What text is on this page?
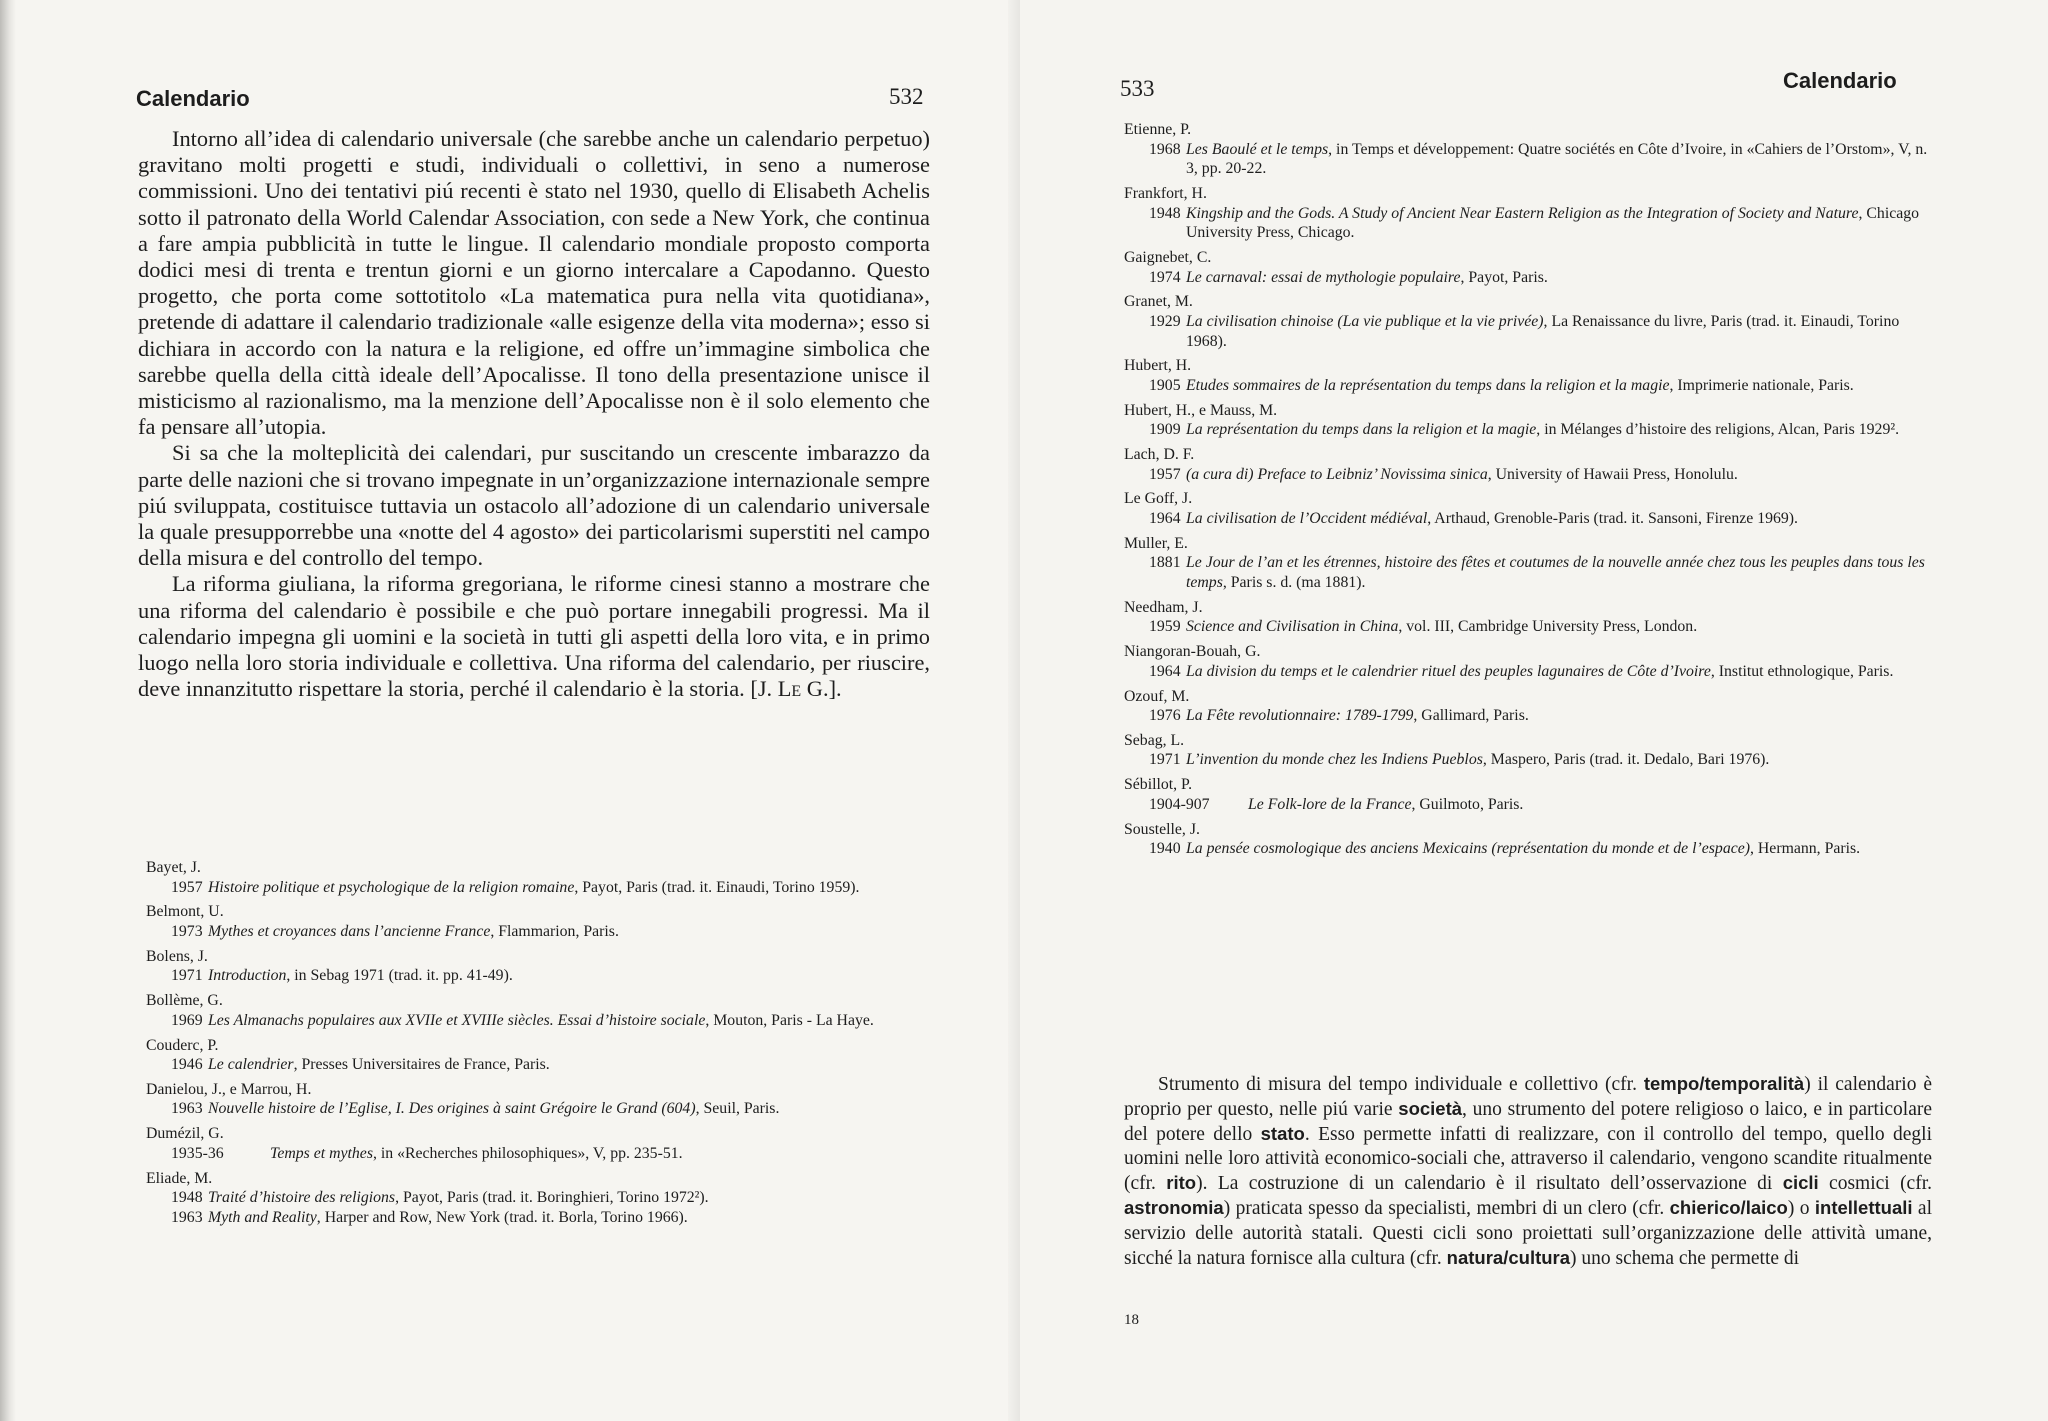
Calendario	532

Intorno all’idea di calendario universale (che sarebbe anche un calendario perpetuo) gravitano molti progetti e studi, individuali o collettivi, in seno a numerose commissioni. Uno dei tentativi piú recenti è stato nel 1930, quello di Elisabeth Achelis sotto il patronato della World Calendar Association, con sede a New York, che continua a fare ampia pubblicità in tutte le lingue. Il calendario mondiale proposto comporta dodici mesi di trenta e trentun giorni e un giorno intercalare a Capodanno. Questo progetto, che porta come sottotitolo «La matematica pura nella vita quotidiana», pretende di adattare il calendario tradizionale «alle esigenze della vita moderna»; esso si dichiara in accordo con la natura e la religione, ed offre un’immagine simbolica che sarebbe quella della città ideale dell’Apocalisse. Il tono della presentazione unisce il misticismo al razionalismo, ma la menzione dell’Apocalisse non è il solo elemento che fa pensare all’utopia.

Si sa che la molteplicità dei calendari, pur suscitando un crescente imbarazzo da parte delle nazioni che si trovano impegnate in un’organizzazione internazionale sempre piú sviluppata, costituisce tuttavia un ostacolo all’adozione di un calendario universale la quale presupporrebbe una «notte del 4 agosto» dei particolarismi superstiti nel campo della misura e del controllo del tempo.

La riforma giuliana, la riforma gregoriana, le riforme cinesi stanno a mostrare che una riforma del calendario è possibile e che può portare innegabili progressi. Ma il calendario impegna gli uomini e la società in tutti gli aspetti della loro vita, e in primo luogo nella loro storia individuale e collettiva. Una riforma del calendario, per riuscire, deve innanzitutto rispettare la storia, perché il calendario è la storia. [J. Le G.].

Bayet, J.
1957 Histoire politique et psychologique de la religion romaine, Payot, Paris (trad. it. Einaudi, Torino 1959).
Belmont, U.
1973 Mythes et croyances dans l’ancienne France, Flammarion, Paris.
Bolens, J.
1971 Introduction, in Sebag 1971 (trad. it. pp. 41-49).
Bollème, G.
1969 Les Almanachs populaires aux XVIIe et XVIIIe siècles. Essai d’histoire sociale, Mouton, Paris - La Haye.
Couderc, P.
1946 Le calendrier, Presses Universitaires de France, Paris.
Danielou, J., e Marrou, H.
1963 Nouvelle histoire de l’Eglise, I. Des origines à saint Grégoire le Grand (604), Seuil, Paris.
Dumézil, G.
1935-36	Temps et mythes, in «Recherches philosophiques», V, pp. 235-51.
Eliade, M.
1948 Traité d’histoire des religions, Payot, Paris (trad. it. Boringhieri, Torino 1972²).
1963 Myth and Reality, Harper and Row, New York (trad. it. Borla, Torino 1966).
533	Calendario
Etienne, P.
1968 Les Baoulé et le temps, in Temps et développement: Quatre sociétés en Côte d’Ivoire, in «Cahiers de l’Orstom», V, n. 3, pp. 20-22.
Frankfort, H.
1948 Kingship and the Gods. A Study of Ancient Near Eastern Religion as the Integration of Society and Nature, Chicago University Press, Chicago.
Gaignebet, C.
1974 Le carnaval: essai de mythologie populaire, Payot, Paris.
Granet, M.
1929 La civilisation chinoise (La vie publique et la vie privée), La Renaissance du livre, Paris (trad. it. Einaudi, Torino 1968).
Hubert, H.
1905 Etudes sommaires de la représentation du temps dans la religion et la magie, Imprimerie nationale, Paris.
Hubert, H., e Mauss, M.
1909 La représentation du temps dans la religion et la magie, in Mélanges d’histoire des religions, Alcan, Paris 1929².
Lach, D. F.
1957 (a cura di) Preface to Leibniz’ Novissima sinica, University of Hawaii Press, Honolulu.
Le Goff, J.
1964 La civilisation de l’Occident médiéval, Arthaud, Grenoble-Paris (trad. it. Sansoni, Firenze 1969).
Muller, E.
1881 Le Jour de l’an et les étrennes, histoire des fêtes et coutumes de la nouvelle année chez tous les peuples dans tous les temps, Paris s. d. (ma 1881).
Needham, J.
1959 Science and Civilisation in China, vol. III, Cambridge University Press, London.
Niangoran-Bouah, G.
1964 La division du temps et le calendrier rituel des peuples lagunaires de Côte d’Ivoire, Institut ethnologique, Paris.
Ozouf, M.
1976 La Fête revolutionnaire: 1789-1799, Gallimard, Paris.
Sebag, L.
1971 L’invention du monde chez les Indiens Pueblos, Maspero, Paris (trad. it. Dedalo, Bari 1976).
Sébillot, P.
1904-907	Le Folk-lore de la France, Guilmoto, Paris.
Soustelle, J.
1940 La pensée cosmologique des anciens Mexicains (représentation du monde et de l’espace), Hermann, Paris.

Strumento di misura del tempo individuale e collettivo (cfr. tempo/temporalità) il calendario è proprio per questo, nelle piú varie società, uno strumento del potere religioso o laico, e in particolare del potere dello stato. Esso permette infatti di realizzare, con il controllo del tempo, quello degli uomini nelle loro attività economico-sociali che, attraverso il calendario, vengono scandite ritualmente (cfr. rito). La costruzione di un calendario è il risultato dell’osservazione di cicli cosmici (cfr. astronomia) praticata spesso da specialisti, membri di un clero (cfr. chierico/laico) o intellettuali al servizio delle autorità statali. Questi cicli sono proiettati sull’organizzazione delle attività umane, sicché la natura fornisce alla cultura (cfr. natura/cultura) uno schema che permette di

18
